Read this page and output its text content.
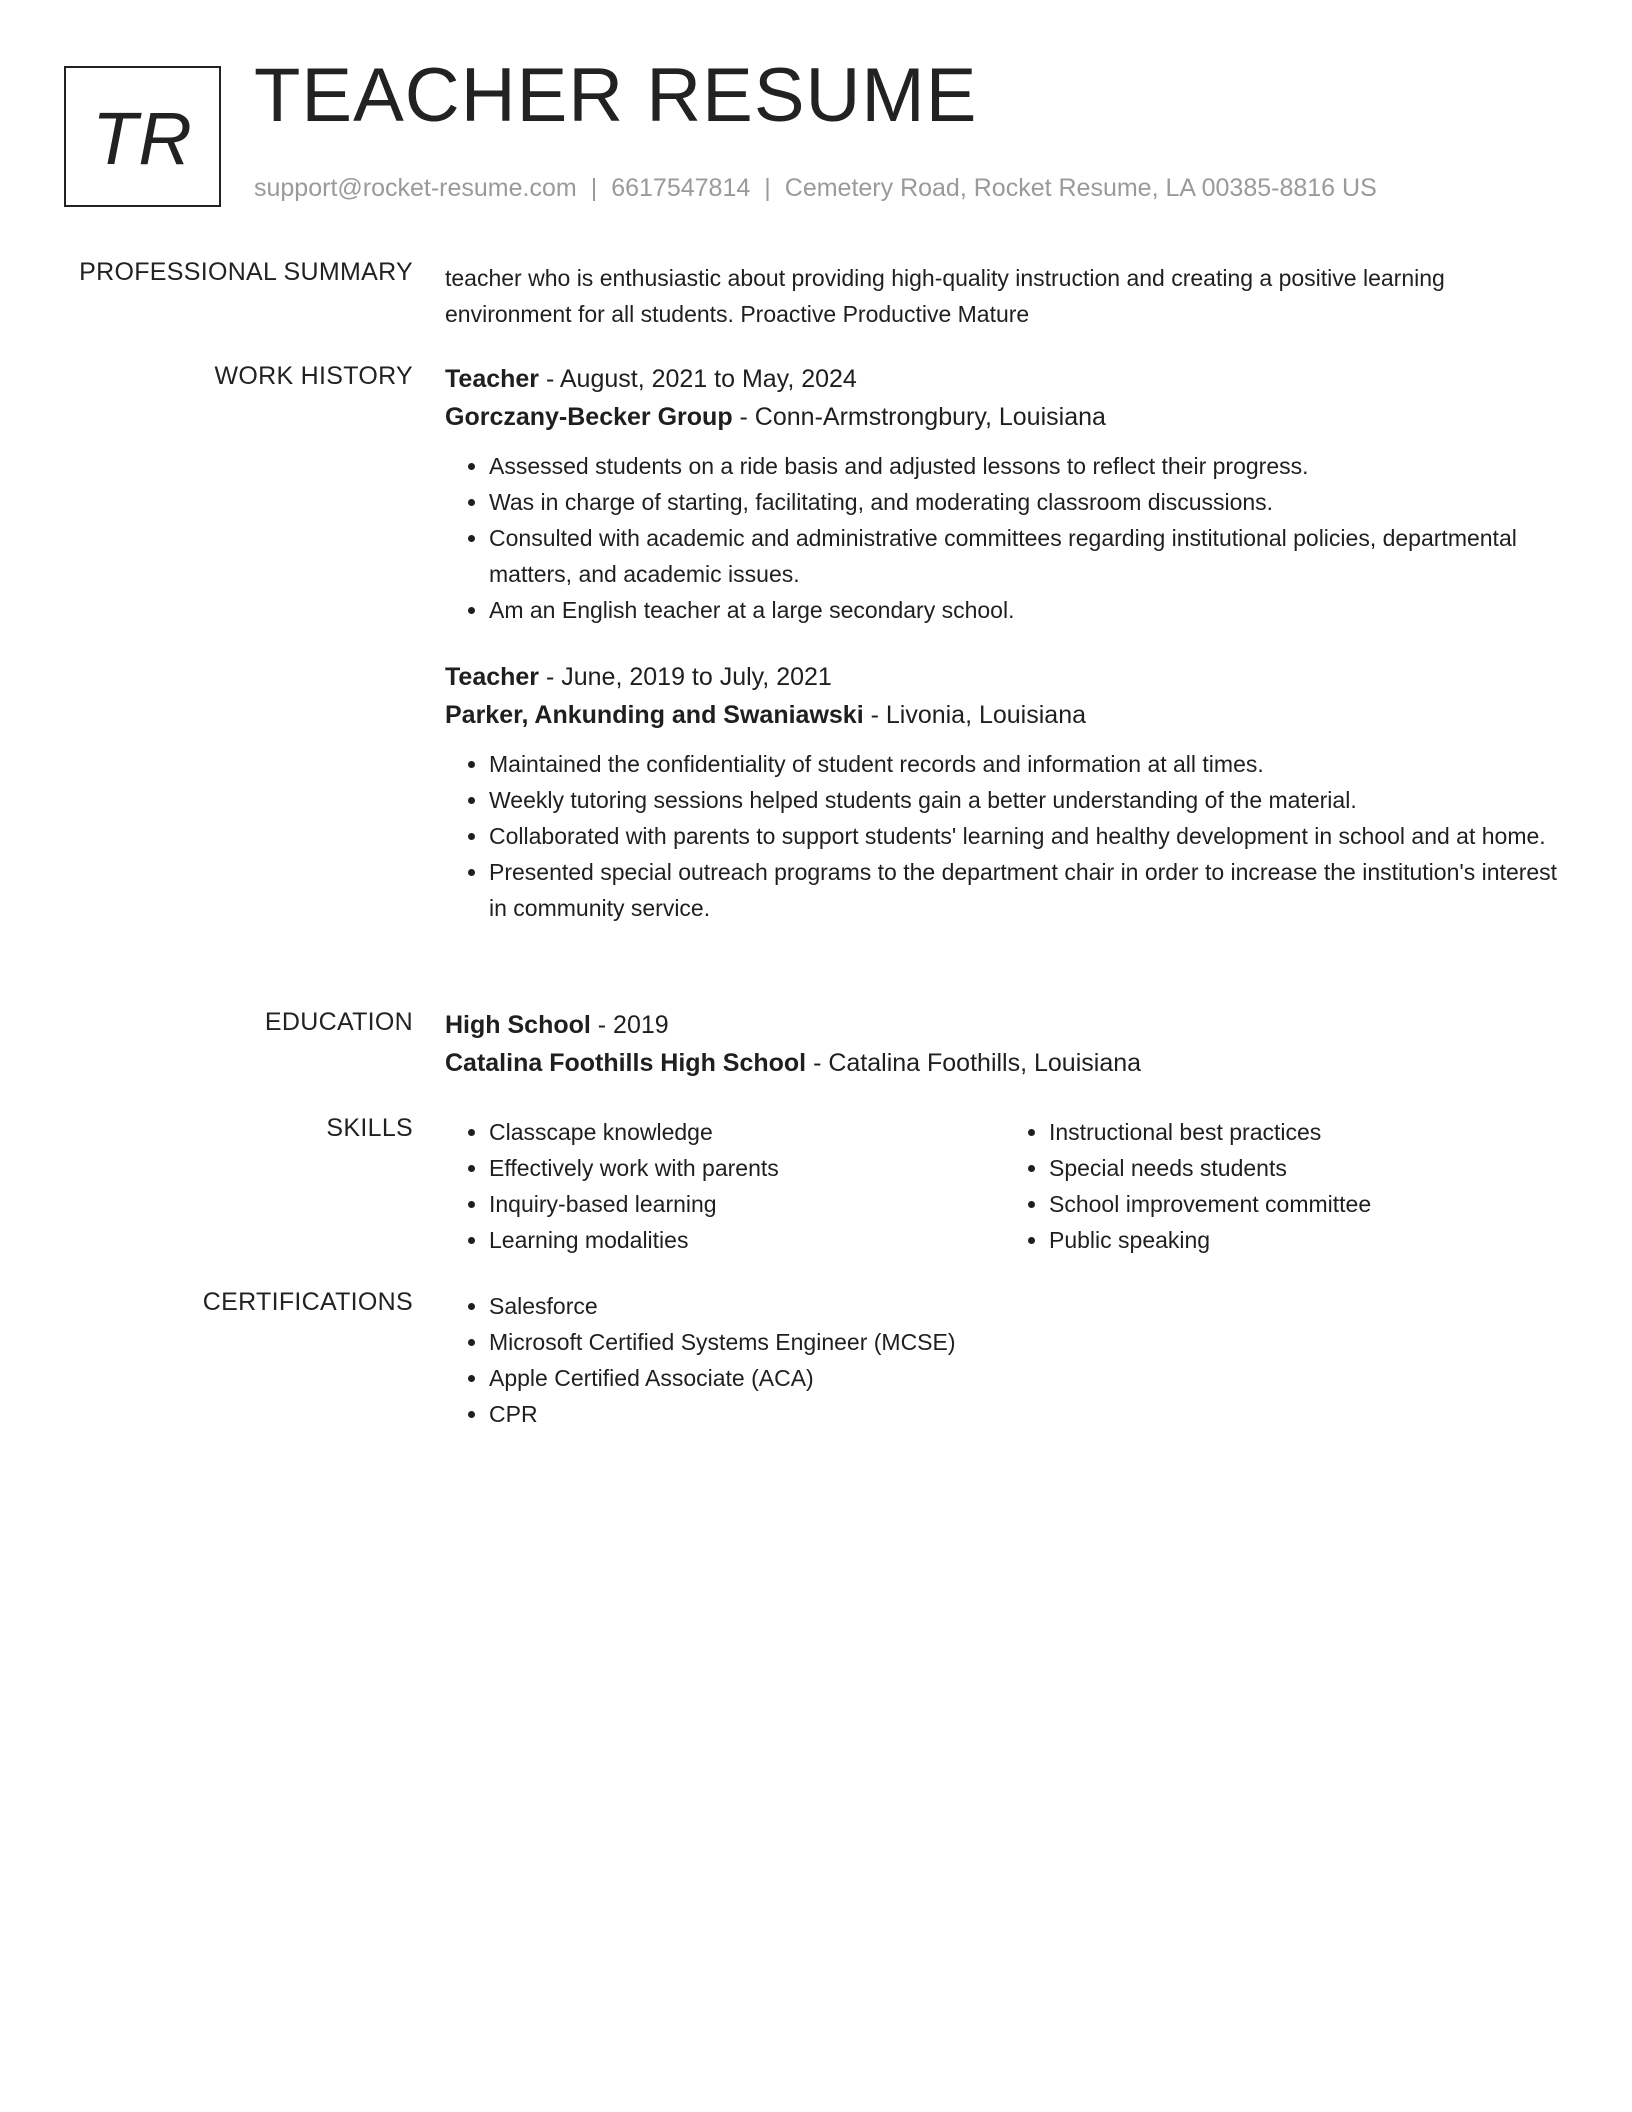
TR TEACHER RESUME
support@rocket-resume.com | 6617547814 | Cemetery Road, Rocket Resume, LA 00385-8816 US
PROFESSIONAL SUMMARY teacher who is enthusiastic about providing high-quality instruction and creating a positive learning environment for all students. Proactive Productive Mature
WORK HISTORY Teacher - August, 2021 to May, 2024
Gorczany-Becker Group - Conn-Armstrongbury, Louisiana
• Assessed students on a ride basis and adjusted lessons to reflect their progress.
• Was in charge of starting, facilitating, and moderating classroom discussions.
• Consulted with academic and administrative committees regarding institutional policies, departmental matters, and academic issues.
• Am an English teacher at a large secondary school.
Teacher - June, 2019 to July, 2021
Parker, Ankunding and Swaniawski - Livonia, Louisiana
• Maintained the confidentiality of student records and information at all times.
• Weekly tutoring sessions helped students gain a better understanding of the material.
• Collaborated with parents to support students' learning and healthy development in school and at home.
• Presented special outreach programs to the department chair in order to increase the institution's interest in community service.
EDUCATION High School - 2019
Catalina Foothills High School - Catalina Foothills, Louisiana
SKILLS	• Classcape knowledge
• Effectively work with parents
• Inquiry-based learning
• Learning modalities
• Instructional best practices
• Special needs students
• School improvement committee
• Public speaking
CERTIFICATIONS	• Salesforce
• Microsoft Certified Systems Engineer (MCSE)
• Apple Certified Associate (ACA)
• CPR
